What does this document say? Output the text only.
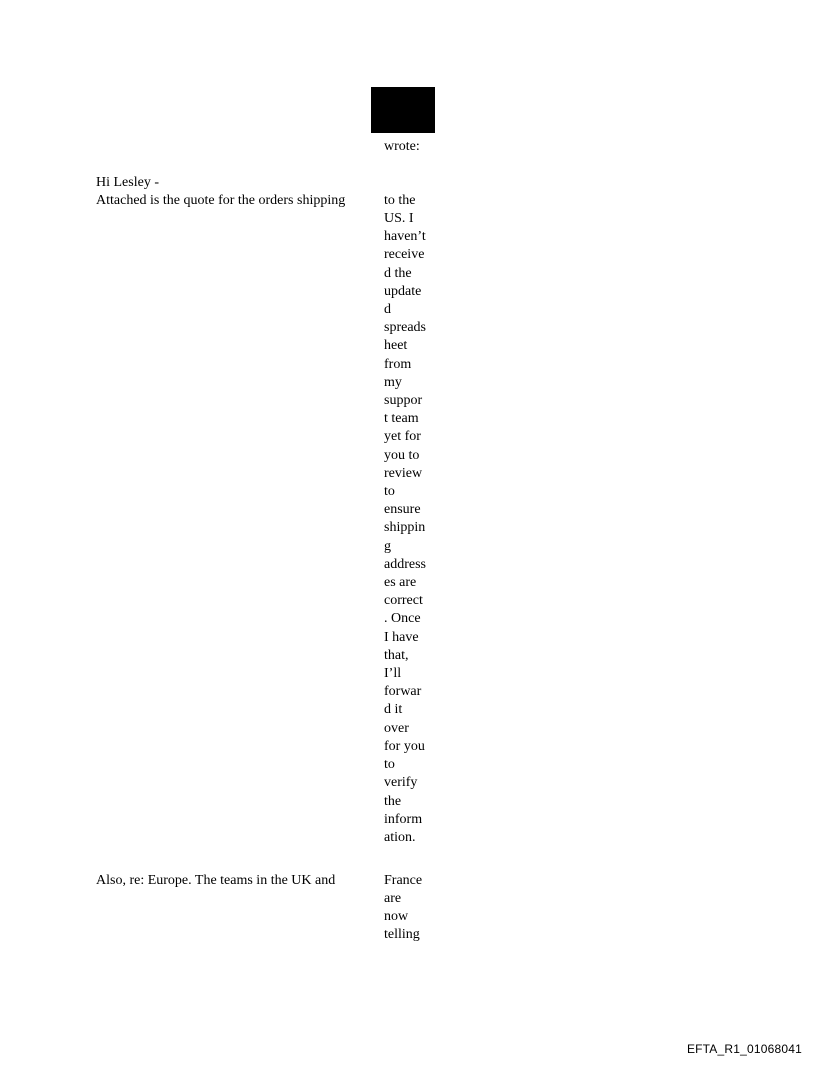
wrote:
Hi Lesley -
Attached is the quote for the orders shipping	to the
US. I
haven’t
receive
d the
update
d
spreads
heet
from
my
suppor
t team
yet for
you to
review
to
ensure
shippin
g
address
es are
correct
. Once
I have
that,
I’ll
forwar
d it
over
for you
to
verify
the
inform
ation.
Also, re: Europe. The teams in the UK and	France
are
now
telling
EFTA_R1_01068041
